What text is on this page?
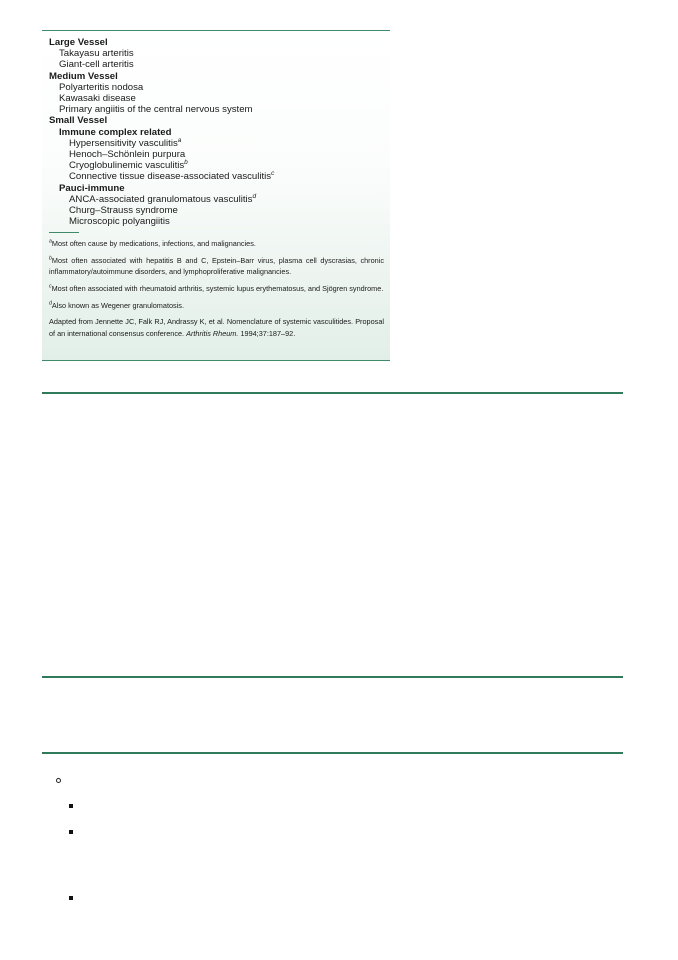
Large Vessel
Takayasu arteritis
Giant-cell arteritis
Medium Vessel
Polyarteritis nodosa
Kawasaki disease
Primary angiitis of the central nervous system
Small Vessel
Immune complex related
Hypersensitivity vasculitis$^a$
Henoch–Schönlein purpura
Cryoglobulinemic vasculitis$^b$
Connective tissue disease-associated vasculitis$^c$
Pauci-immune
ANCA-associated granulomatous vasculitis$^d$
Churg–Strauss syndrome
Microscopic polyangiitis

$^a$Most often cause by medications, infections, and malignancies.

$^b$Most often associated with hepatitis B and C, Epstein–Barr virus, plasma cell dyscrasias, chronic inflammatory/autoimmune disorders, and lymphoproliferative malignancies.

$^c$Most often associated with rheumatoid arthritis, systemic lupus erythematosus, and Sjögren syndrome.

$^d$Also known as Wegener granulomatosis.

Adapted from Jennette JC, Falk RJ, Andrassy K, et al. Nomenclature of systemic vasculitides. Proposal of an international consensus conference. Arthritis Rheum. 1994;37:187–92.
